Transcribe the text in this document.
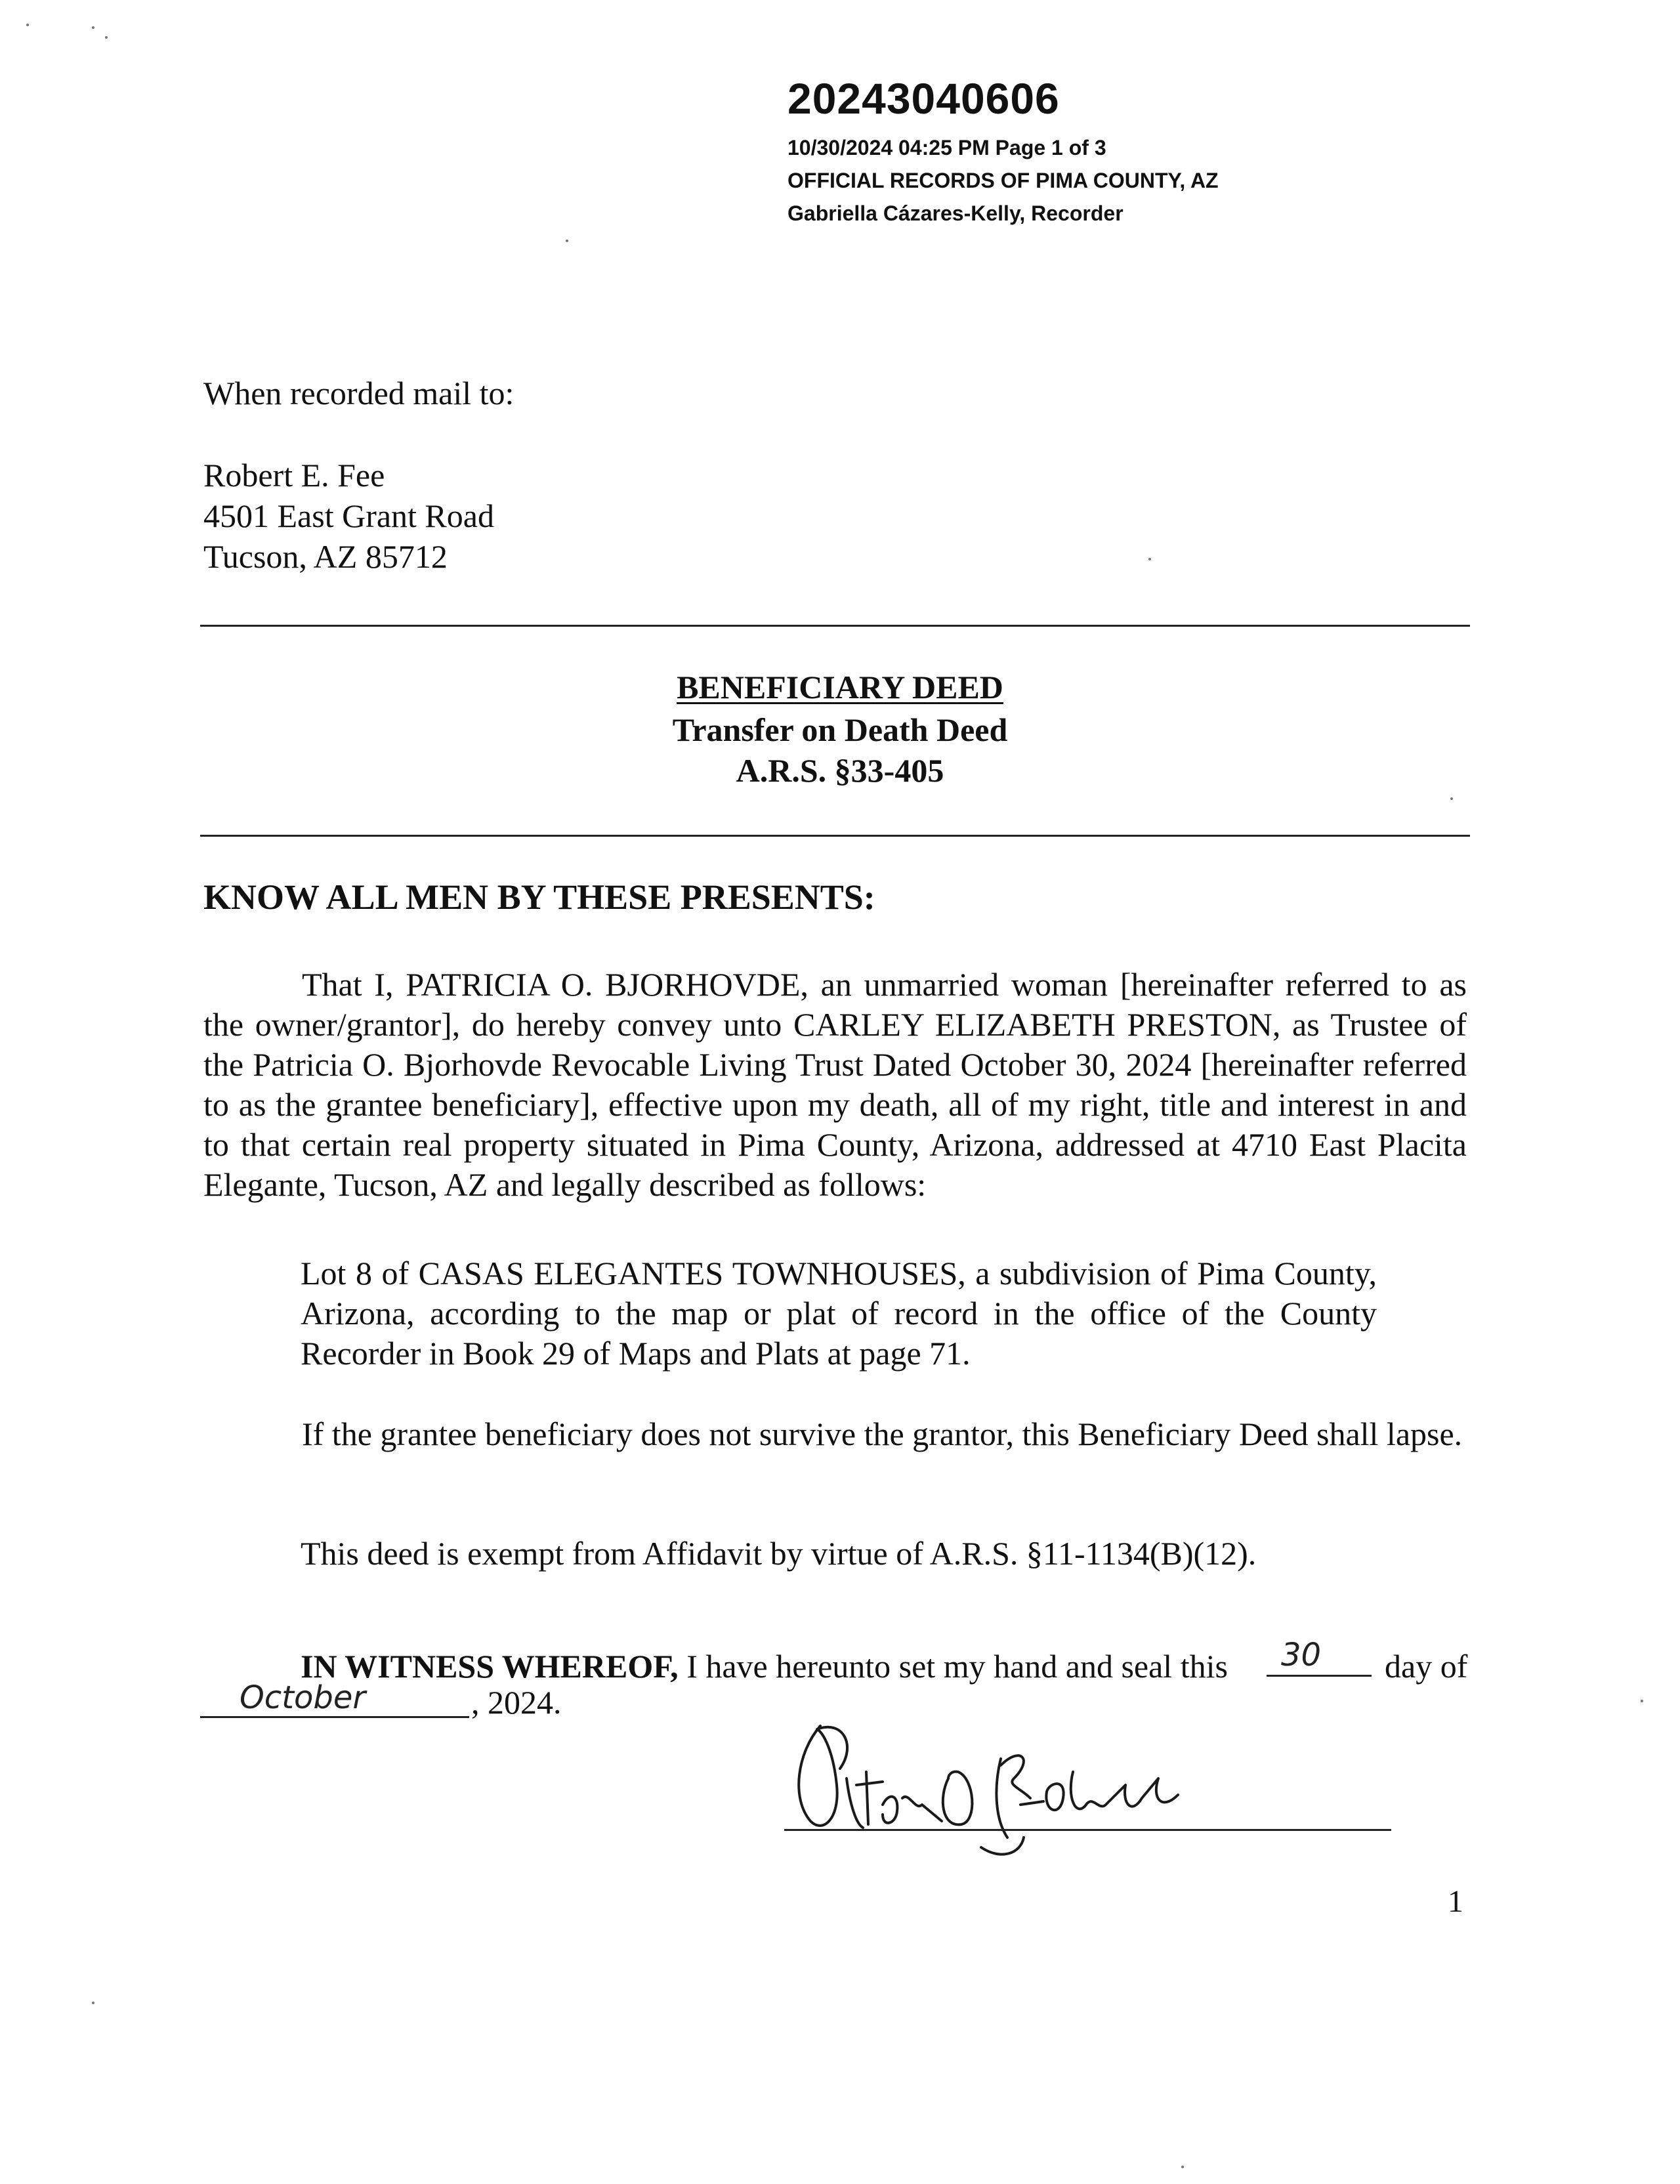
20243040606
10/30/2024 04:25 PM Page 1 of 3
OFFICIAL RECORDS OF PIMA COUNTY, AZ
Gabriella Cázares-Kelly, Recorder
When recorded mail to:
Robert E. Fee
4501 East Grant Road
Tucson, AZ 85712
BENEFICIARY DEED
Transfer on Death Deed
A.R.S. §33-405
KNOW ALL MEN BY THESE PRESENTS:
That I, PATRICIA O. BJORHOVDE, an unmarried woman [hereinafter referred to as the owner/grantor], do hereby convey unto CARLEY ELIZABETH PRESTON, as Trustee of the Patricia O. Bjorhovde Revocable Living Trust Dated October 30, 2024 [hereinafter referred to as the grantee beneficiary], effective upon my death, all of my right, title and interest in and to that certain real property situated in Pima County, Arizona, addressed at 4710 East Placita Elegante, Tucson, AZ and legally described as follows:
Lot 8 of CASAS ELEGANTES TOWNHOUSES, a subdivision of Pima County, Arizona, according to the map or plat of record in the office of the County Recorder in Book 29 of Maps and Plats at page 71.
If the grantee beneficiary does not survive the grantor, this Beneficiary Deed shall lapse.
This deed is exempt from Affidavit by virtue of A.R.S. §11-1134(B)(12).
IN WITNESS WHEREOF, I have hereunto set my hand and seal this 30 day of
October	, 2024.
1
